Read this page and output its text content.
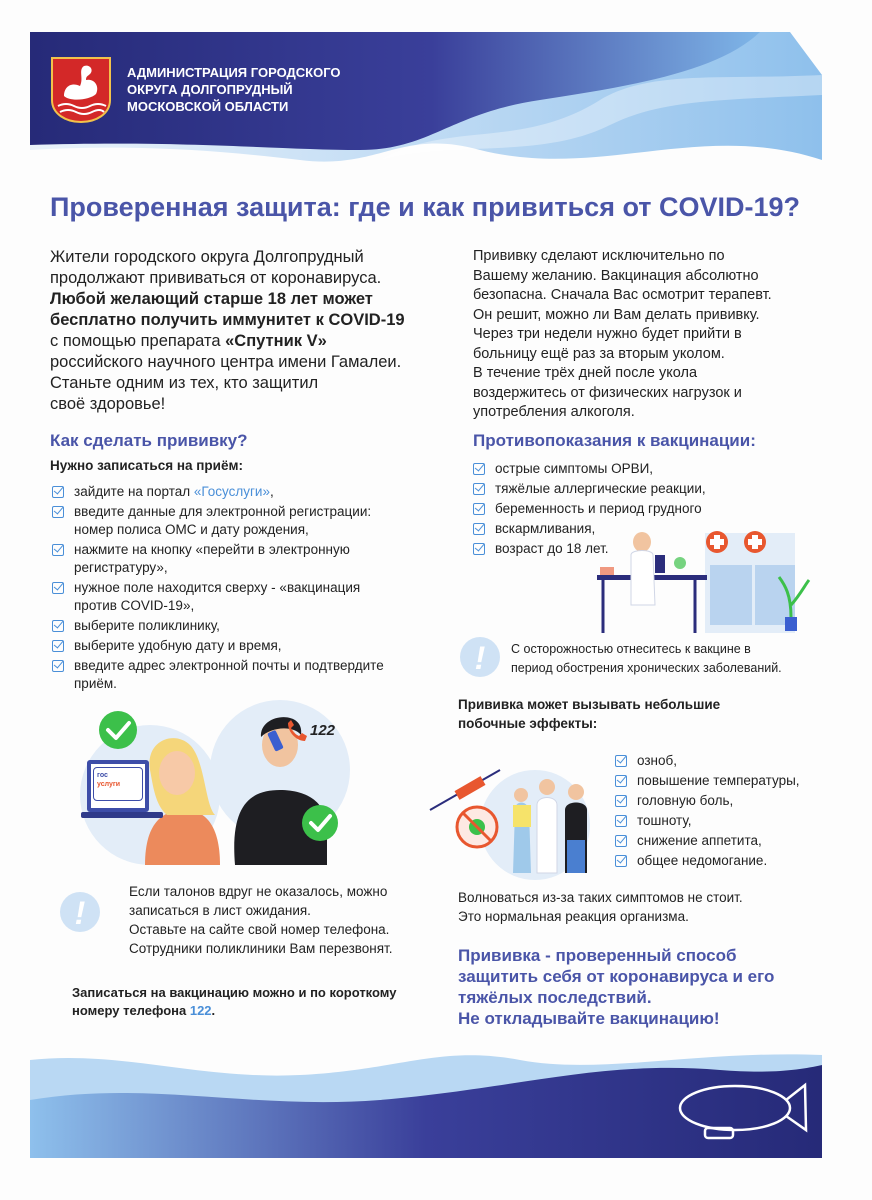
АДМИНИСТРАЦИЯ ГОРОДСКОГО
ОКРУГА ДОЛГОПРУДНЫЙ
МОСКОВСКОЙ ОБЛАСТИ
Проверенная защита: где и как привиться от COVID-19?
Жители городского округа Долгопрудный
продолжают прививаться от коронавируса.
Любой желающий старше 18 лет может
бесплатно получить иммунитет к COVID-19
с помощью препарата «Спутник V»
российского научного центра имени Гамалеи.
Станьте одним из тех, кто защитил
своё здоровье!
Прививку сделают исключительно по
Вашему желанию. Вакцинация абсолютно
безопасна. Сначала Вас осмотрит терапевт.
Он решит, можно ли Вам делать прививку.
Через три недели нужно будет прийти в
больницу ещё раз за вторым уколом.
В течение трёх дней после укола
воздержитесь от физических нагрузок и
употребления алкоголя.
Как сделать прививку?
Нужно записаться на приём:
зайдите на портал «Госуслуги»,
введите данные для электронной регистрации:
номер полиса ОМС и дату рождения,
нажмите на кнопку «перейти в электронную
регистратуру»,
нужное поле находится сверху - «вакцинация
против COVID-19»,
выберите поликлинику,
выберите удобную дату и время,
введите адрес электронной почты и подтвердите
приём.
гос
услуги
122
!
Если талонов вдруг не оказалось, можно
записаться в лист ожидания.
Оставьте на сайте свой номер телефона.
Сотрудники поликлиники Вам перезвонят.
Записаться на вакцинацию можно и по короткому
номеру телефона 122.
Противопоказания к вакцинации:
острые симптомы ОРВИ,
тяжёлые аллергические реакции,
беременность и период грудного
вскармливания,
возраст до 18 лет.
!	С осторожностью отнеситесь к вакцине в
период обострения хронических заболеваний.
Прививка может вызывать небольшие
побочные эффекты:
озноб,
повышение температуры,
головную боль,
тошноту,
снижение аппетита,
общее недомогание.
Волноваться из-за таких симптомов не стоит.
Это нормальная реакция организма.
Прививка - проверенный способ
защитить себя от коронавируса и его
тяжёлых последствий.
Не откладывайте вакцинацию!
